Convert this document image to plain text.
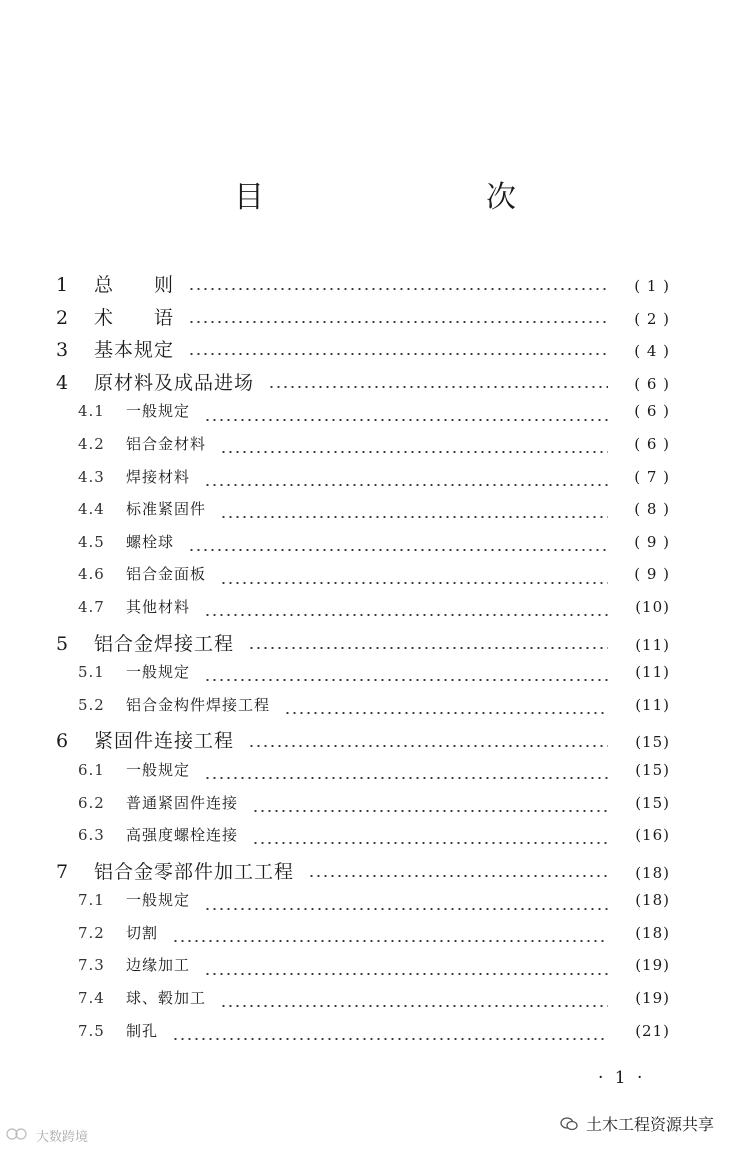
目　　次
1	总　　则	( 1 )
2	术　　语	( 2 )
3	基本规定	( 4 )
4	原材料及成品进场	( 6 )
4.1	一般规定	( 6 )
4.2	铝合金材料	( 6 )
4.3	焊接材料	( 7 )
4.4	标准紧固件	( 8 )
4.5	螺栓球	( 9 )
4.6	铝合金面板	( 9 )
4.7	其他材料	(10)
5	铝合金焊接工程	(11)
5.1	一般规定	(11)
5.2	铝合金构件焊接工程	(11)
6	紧固件连接工程	(15)
6.1	一般规定	(15)
6.2	普通紧固件连接	(15)
6.3	高强度螺栓连接	(16)
7	铝合金零部件加工工程	(18)
7.1	一般规定	(18)
7.2	切割	(18)
7.3	边缘加工	(19)
7.4	球、毂加工	(19)
7.5	制孔	(21)
· 1 ·
土木工程资源共享
大数跨境
